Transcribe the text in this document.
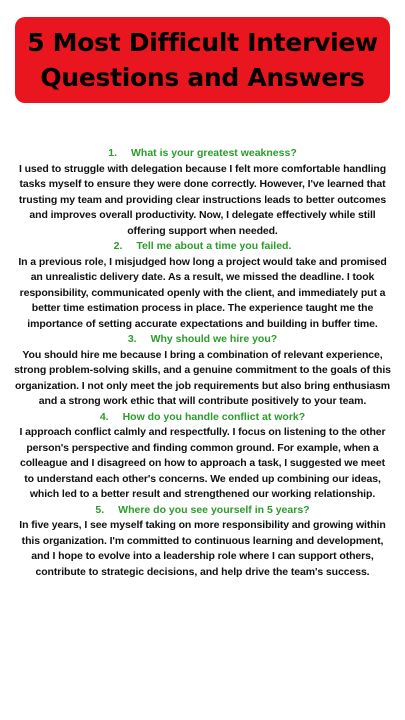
5 Most Difficult Interview
Questions and Answers
1. What is your greatest weakness?
I used to struggle with delegation because I felt more comfortable handling tasks myself to ensure they were done correctly. However, I've learned that trusting my team and providing clear instructions leads to better outcomes and improves overall productivity. Now, I delegate effectively while still offering support when needed.
2. Tell me about a time you failed.
In a previous role, I misjudged how long a project would take and promised an unrealistic delivery date. As a result, we missed the deadline. I took responsibility, communicated openly with the client, and immediately put a better time estimation process in place. The experience taught me the importance of setting accurate expectations and building in buffer time.
3. Why should we hire you?
You should hire me because I bring a combination of relevant experience, strong problem-solving skills, and a genuine commitment to the goals of this organization. I not only meet the job requirements but also bring enthusiasm and a strong work ethic that will contribute positively to your team.
4. How do you handle conflict at work?
I approach conflict calmly and respectfully. I focus on listening to the other person's perspective and finding common ground. For example, when a colleague and I disagreed on how to approach a task, I suggested we meet to understand each other's concerns. We ended up combining our ideas, which led to a better result and strengthened our working relationship.
5. Where do you see yourself in 5 years?
In five years, I see myself taking on more responsibility and growing within this organization. I'm committed to continuous learning and development, and I hope to evolve into a leadership role where I can support others, contribute to strategic decisions, and help drive the team's success.
